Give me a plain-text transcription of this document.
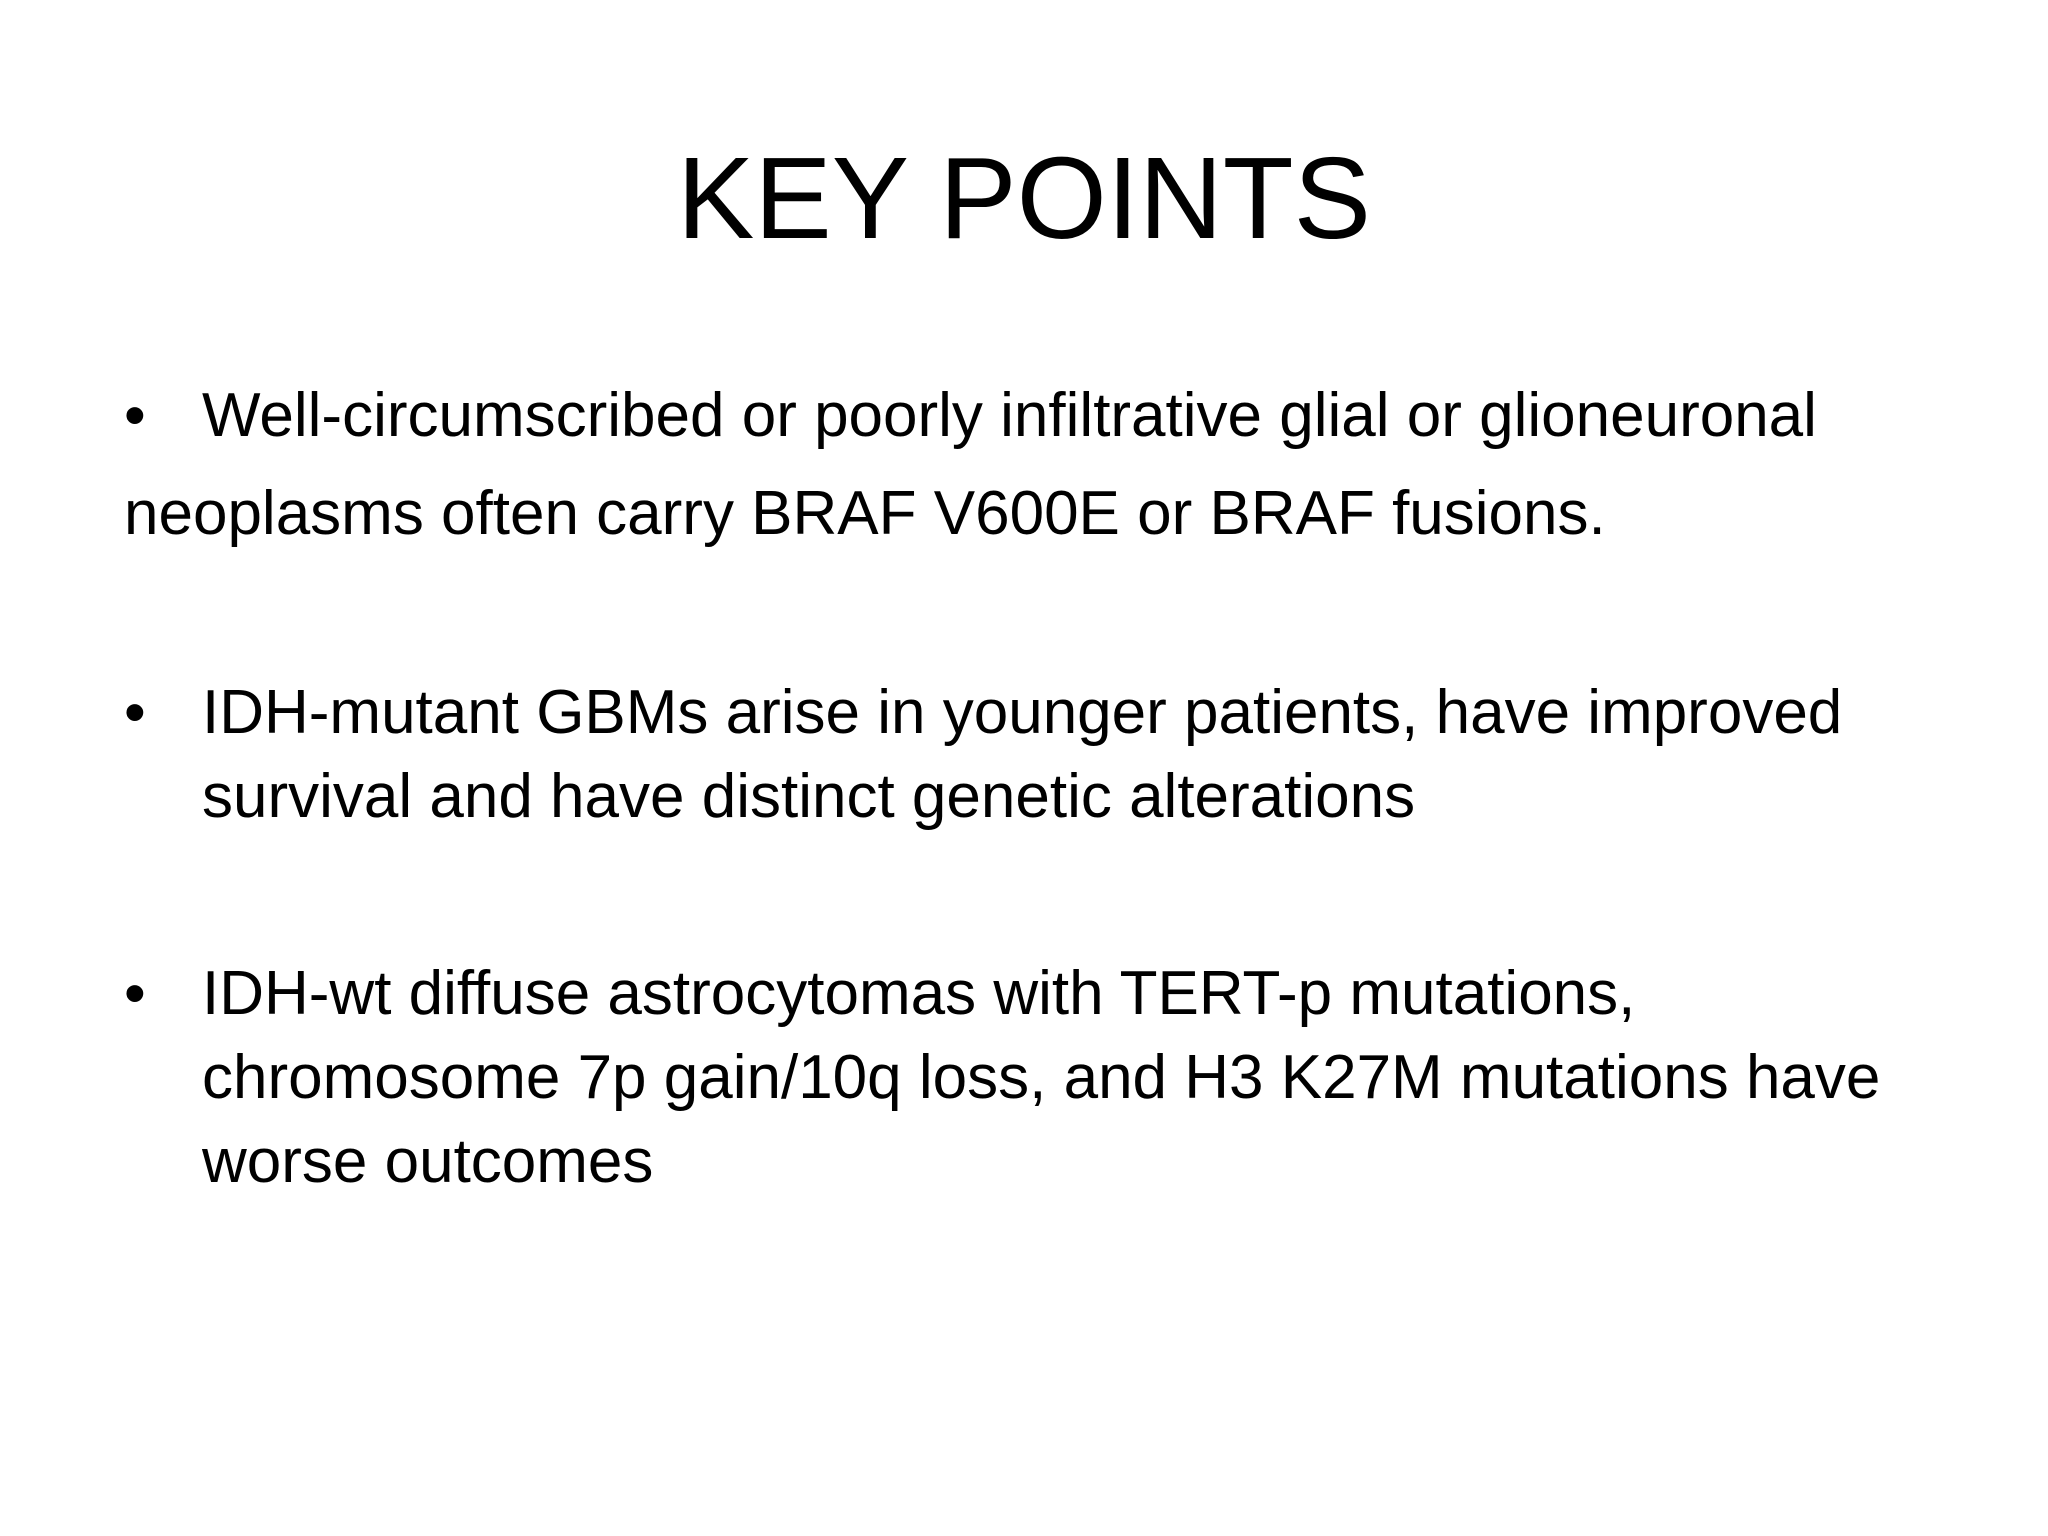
KEY POINTS
• Well-circumscribed or poorly infiltrative glial or glioneuronal
neoplasms often carry BRAF V600E or BRAF fusions.
• IDH-mutant GBMs arise in younger patients, have improved survival and have distinct genetic alterations
• IDH-wt diffuse astrocytomas with TERT-p mutations, chromosome 7p gain/10q loss, and H3 K27M mutations have worse outcomes
